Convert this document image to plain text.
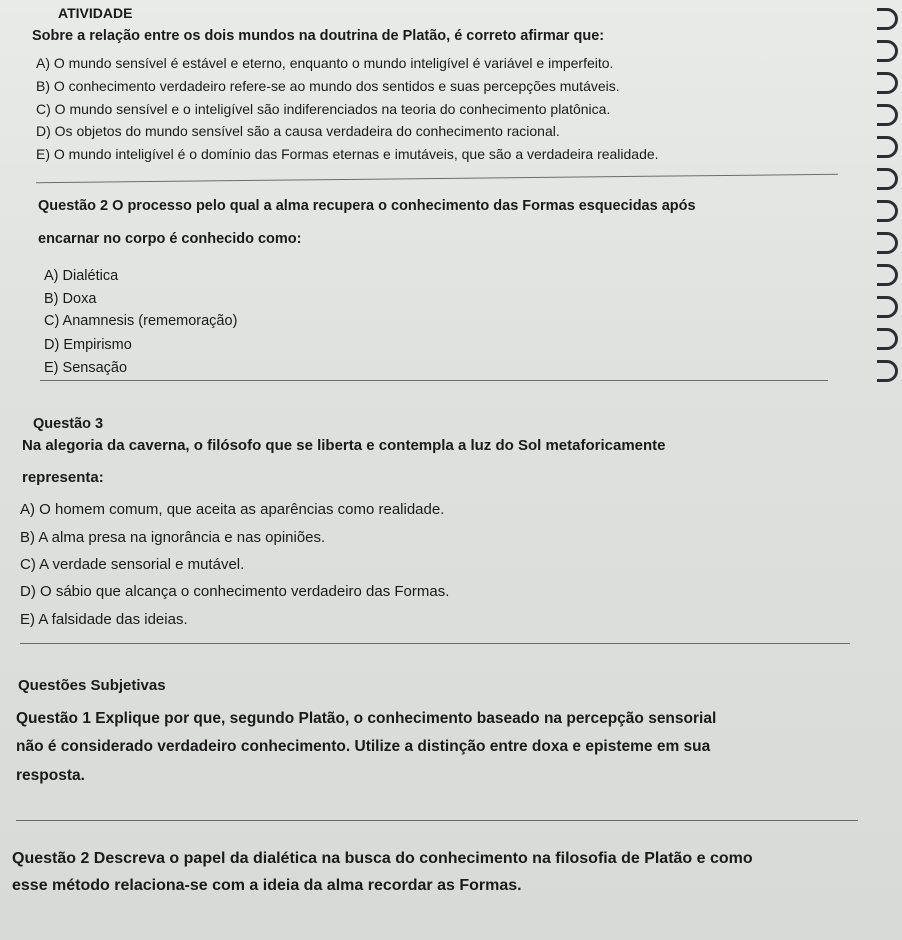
ATIVIDADE
Sobre a relação entre os dois mundos na doutrina de Platão, é correto afirmar que:
A) O mundo sensível é estável e eterno, enquanto o mundo inteligível é variável e imperfeito.
B) O conhecimento verdadeiro refere-se ao mundo dos sentidos e suas percepções mutáveis.
C) O mundo sensível e o inteligível são indiferenciados na teoria do conhecimento platônica.
D) Os objetos do mundo sensível são a causa verdadeira do conhecimento racional.
E) O mundo inteligível é o domínio das Formas eternas e imutáveis, que são a verdadeira realidade.
Questão 2 O processo pelo qual a alma recupera o conhecimento das Formas esquecidas após
encarnar no corpo é conhecido como:
A) Dialética
B) Doxa
C) Anamnesis (rememoração)
D) Empirismo
E) Sensação
Questão 3
Na alegoria da caverna, o filósofo que se liberta e contempla a luz do Sol metaforicamente
representa:
A) O homem comum, que aceita as aparências como realidade.
B) A alma presa na ignorância e nas opiniões.
C) A verdade sensorial e mutável.
D) O sábio que alcança o conhecimento verdadeiro das Formas.
E) A falsidade das ideias.
Questões Subjetivas
Questão 1 Explique por que, segundo Platão, o conhecimento baseado na percepção sensorial
não é considerado verdadeiro conhecimento. Utilize a distinção entre doxa e episteme em sua
resposta.
Questão 2 Descreva o papel da dialética na busca do conhecimento na filosofia de Platão e como
esse método relaciona-se com a ideia da alma recordar as Formas.
